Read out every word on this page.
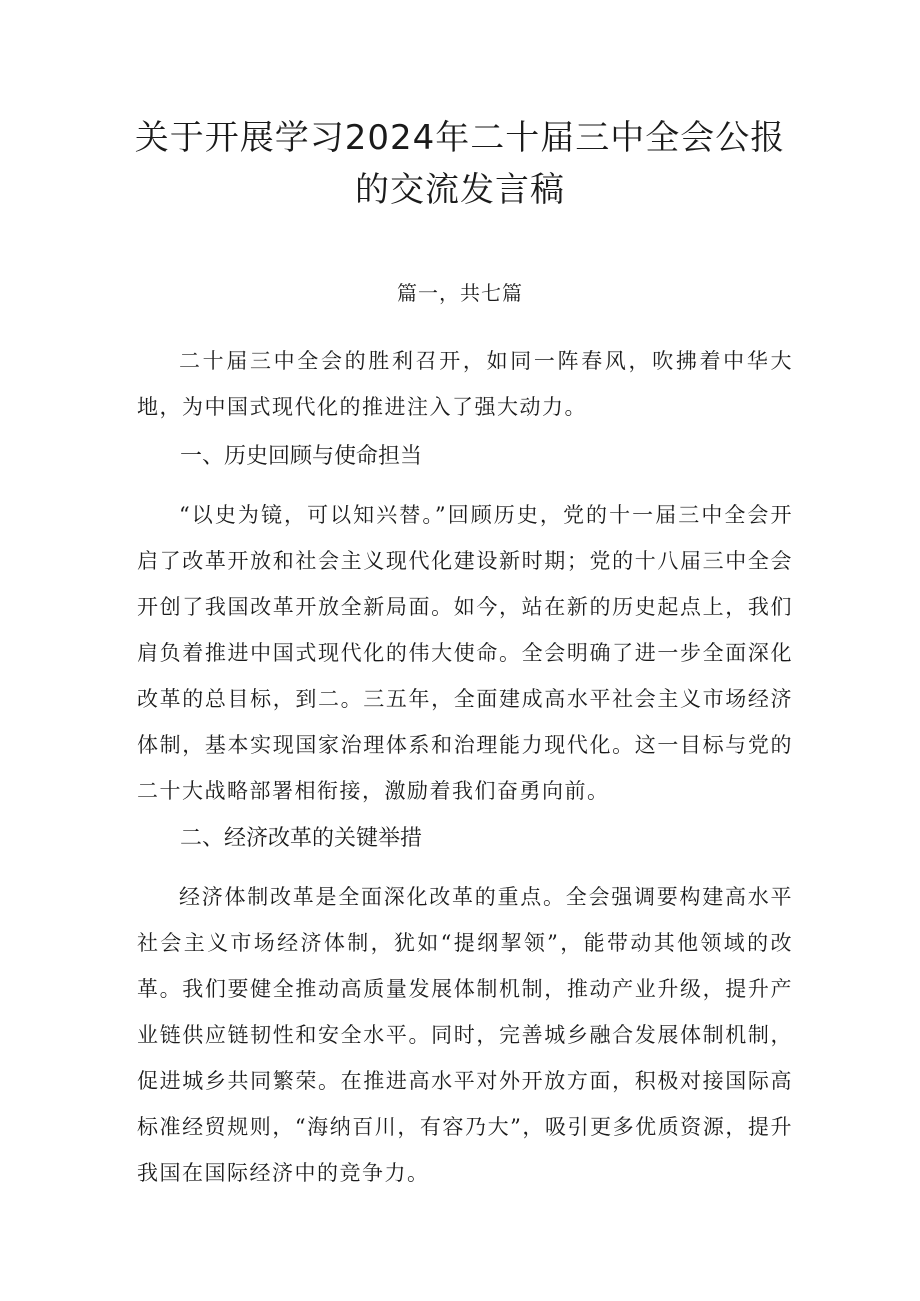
关于开展学习2024年二十届三中全会公报
的交流发言稿
篇一，共七篇

二十届三中全会的胜利召开，如同一阵春风，吹拂着中华大地，为中国式现代化的推进注入了强大动力。

一、历史回顾与使命担当

“以史为镜，可以知兴替。”回顾历史，党的十一届三中全会开启了改革开放和社会主义现代化建设新时期；党的十八届三中全会开创了我国改革开放全新局面。如今，站在新的历史起点上，我们肩负着推进中国式现代化的伟大使命。全会明确了进一步全面深化改革的总目标，到二。三五年，全面建成高水平社会主义市场经济体制，基本实现国家治理体系和治理能力现代化。这一目标与党的二十大战略部署相衔接，激励着我们奋勇向前。

二、经济改革的关键举措

经济体制改革是全面深化改革的重点。全会强调要构建高水平社会主义市场经济体制，犹如“提纲挈领”，能带动其他领域的改革。我们要健全推动高质量发展体制机制，推动产业升级，提升产业链供应链韧性和安全水平。同时，完善城乡融合发展体制机制，促进城乡共同繁荣。在推进高水平对外开放方面，积极对接国际高标准经贸规则，“海纳百川，有容乃大”，吸引更多优质资源，提升我国在国际经济中的竞争力。
